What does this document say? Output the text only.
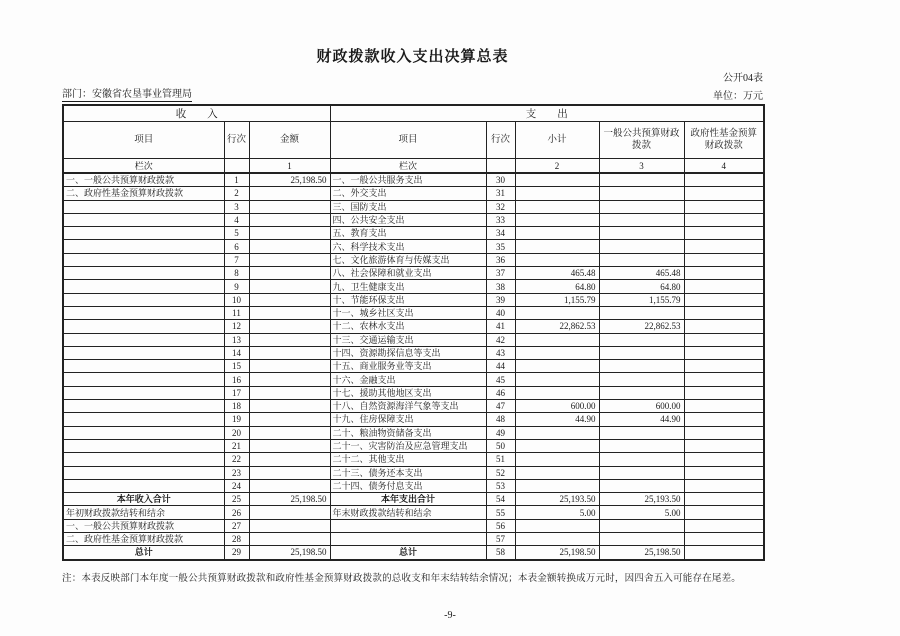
财政拨款收入支出决算总表
公开04表
部门：安徽省农垦事业管理局	单位：万元
收　　入			支　　出				
项目	行次	金额	项目	行次	小计	一般公共预算财政拨款	政府性基金预算财政拨款
栏次		1	栏次		2	3	4
一、一般公共预算财政拨款	1	25,198.50	一、一般公共服务支出	30			
二、政府性基金预算财政拨款	2		二、外交支出	31			
	3		三、国防支出	32			
	4		四、公共安全支出	33			
	5		五、教育支出	34			
	6		六、科学技术支出	35			
	7		七、文化旅游体育与传媒支出	36			
	8		八、社会保障和就业支出	37	465.48	465.48	
	9		九、卫生健康支出	38	64.80	64.80	
	10		十、节能环保支出	39	1,155.79	1,155.79	
	11		十一、城乡社区支出	40			
	12		十二、农林水支出	41	22,862.53	22,862.53	
	13		十三、交通运输支出	42			
	14		十四、资源勘探信息等支出	43			
	15		十五、商业服务业等支出	44			
	16		十六、金融支出	45			
	17		十七、援助其他地区支出	46			
	18		十八、自然资源海洋气象等支出	47	600.00	600.00	
	19		十九、住房保障支出	48	44.90	44.90	
	20		二十、粮油物资储备支出	49			
	21		二十一、灾害防治及应急管理支出	50			
	22		二十二、其他支出	51			
	23		二十三、债务还本支出	52			
	24		二十四、债务付息支出	53			
本年收入合计	25	25,198.50	本年支出合计	54	25,193.50	25,193.50	
年初财政拨款结转和结余	26		年末财政拨款结转和结余	55	5.00	5.00	
一、一般公共预算财政拨款	27			56			
二、政府性基金预算财政拨款	28			57			
总计	29	25,198.50	总计	58	25,198.50	25,198.50	
注：本表反映部门本年度一般公共预算财政拨款和政府性基金预算财政拨款的总收支和年末结转结余情况；本表金额转换成万元时，因四舍五入可能存在尾差。
-9-
